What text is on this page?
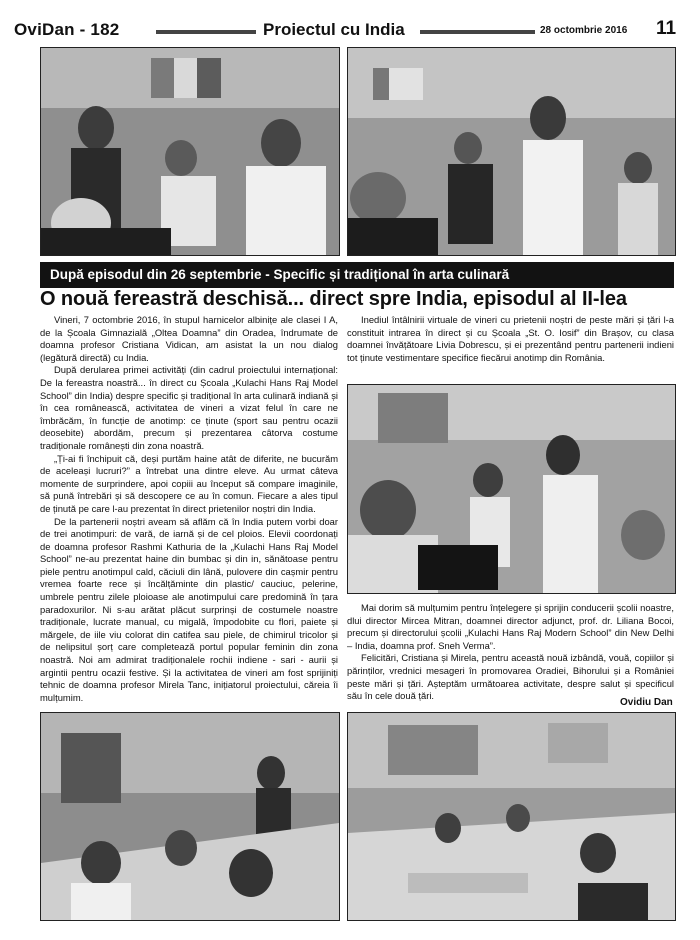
OviDan - 182	Proiectul cu India	28 octombrie 2016 11
După episodul din 26 septembrie - Specific și tradițional în arta culinară
O nouă fereastră deschisă... direct spre India, episodul al II-lea

Vineri, 7 octombrie 2016, în stupul harnicelor albinițe ale clasei I A, de la Școala Gimnazială „Oltea Doamna” din Oradea, îndrumate de doamna profesor Cristiana Vidican, am asistat la un nou dialog (legătură directă) cu India.

După derularea primei activități (din cadrul proiectului internațional: De la fereastra noastră... în direct cu Școala „Kulachi Hans Raj Model School” din India) despre specific și tradițional în arta culinară indiană și în cea românească, activitatea de vineri a vizat felul în care ne îmbrăcăm, în funcție de anotimp: ce ținute (sport sau pentru ocazii deosebite) abordăm, precum și prezentarea câtorva costume tradiționale românești din zona noastră.

„Ți-ai fi închipuit că, deși purtăm haine atât de diferite, ne bucurăm de aceleași lucruri?” a întrebat una dintre eleve. Au urmat câteva momente de surprindere, apoi copiii au început să compare imaginile, să pună întrebări și să descopere ce au în comun. Fiecare a ales tipul de ținută pe care l-au prezentat în direct prietenilor noștri din India.

De la partenerii noștri aveam să aflăm că în India putem vorbi doar de trei anotimpuri: de vară, de iarnă și de cel ploios. Elevii coordonați de doamna profesor Rashmi Kathuria de la „Kulachi Hans Raj Model School” ne-au prezentat haine din bumbac și din in, sănătoase pentru piele pentru anotimpul cald, căciuli din lână, pulovere din cașmir pentru vremea foarte rece și încălțăminte din plastic/ cauciuc, pelerine, umbrele pentru zilele ploioase ale anotimpului care predomină în țara paradoxurilor. Ni s-au arătat plăcut surprinși de costumele noastre tradiționale, lucrate manual, cu migală, împodobite cu flori, paiete și mărgele, de iile viu colorat din catifea sau piele, de chimirul tricolor și de nelipsitul șorț care completează portul popular feminin din zona noastră. Noi am admirat tradiționalele rochii indiene - sari - aurii și argintii pentru ocazii festive. Și la activitatea de vineri am fost sprijiniți tehnic de doamna profesor Mirela Tanc, inițiatorul proiectului, căreia îi mulțumim.

Inediul întâlnirii virtuale de vineri cu prietenii noștri de peste mări și țări l-a constituit intrarea în direct și cu Școala „St. O. Iosif” din Brașov, cu clasa doamnei învățătoare Livia Dobrescu, și ei prezentând pentru partenerii indieni tot ținute vestimentare specifice fiecărui anotimp din România.

Mai dorim să mulțumim pentru înțelegere și sprijin conducerii școlii noastre, dlui director Mircea Mitran, doamnei director adjunct, prof. dr. Liliana Bocoi, precum și directorului școlii „Kulachi Hans Raj Modern School” din New Delhi – India, doamna prof. Sneh Verma”.

Felicitări, Cristiana și Mirela, pentru această nouă izbândă, vouă, copiilor și părinților, vrednici mesageri în promovarea Oradiei, Bihorului și a României peste mări și țări. Așteptăm următoarea activitate, despre salut și specificul său în cele două țări.

Ovidiu Dan
